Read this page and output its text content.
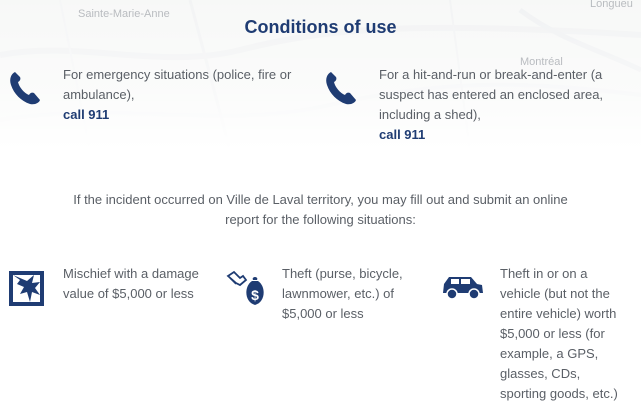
Sainte-Marie-Anne
Longueu
Montréal
Conditions of use
For emergency situations (police, fire or ambulance),
call 911
For a hit-and-run or break-and-enter (a suspect has entered an enclosed area, including a shed),
call 911

If the incident occurred on Ville de Laval territory, you may fill out and submit an online report for the following situations:

Mischief with a damage value of $5,000 or less	$
Theft (purse, bicycle, lawnmower, etc.) of $5,000 or less
Theft in or on a vehicle (but not the entire vehicle) worth $5,000 or less (for example, a GPS, glasses, CDs, sporting goods, etc.)
